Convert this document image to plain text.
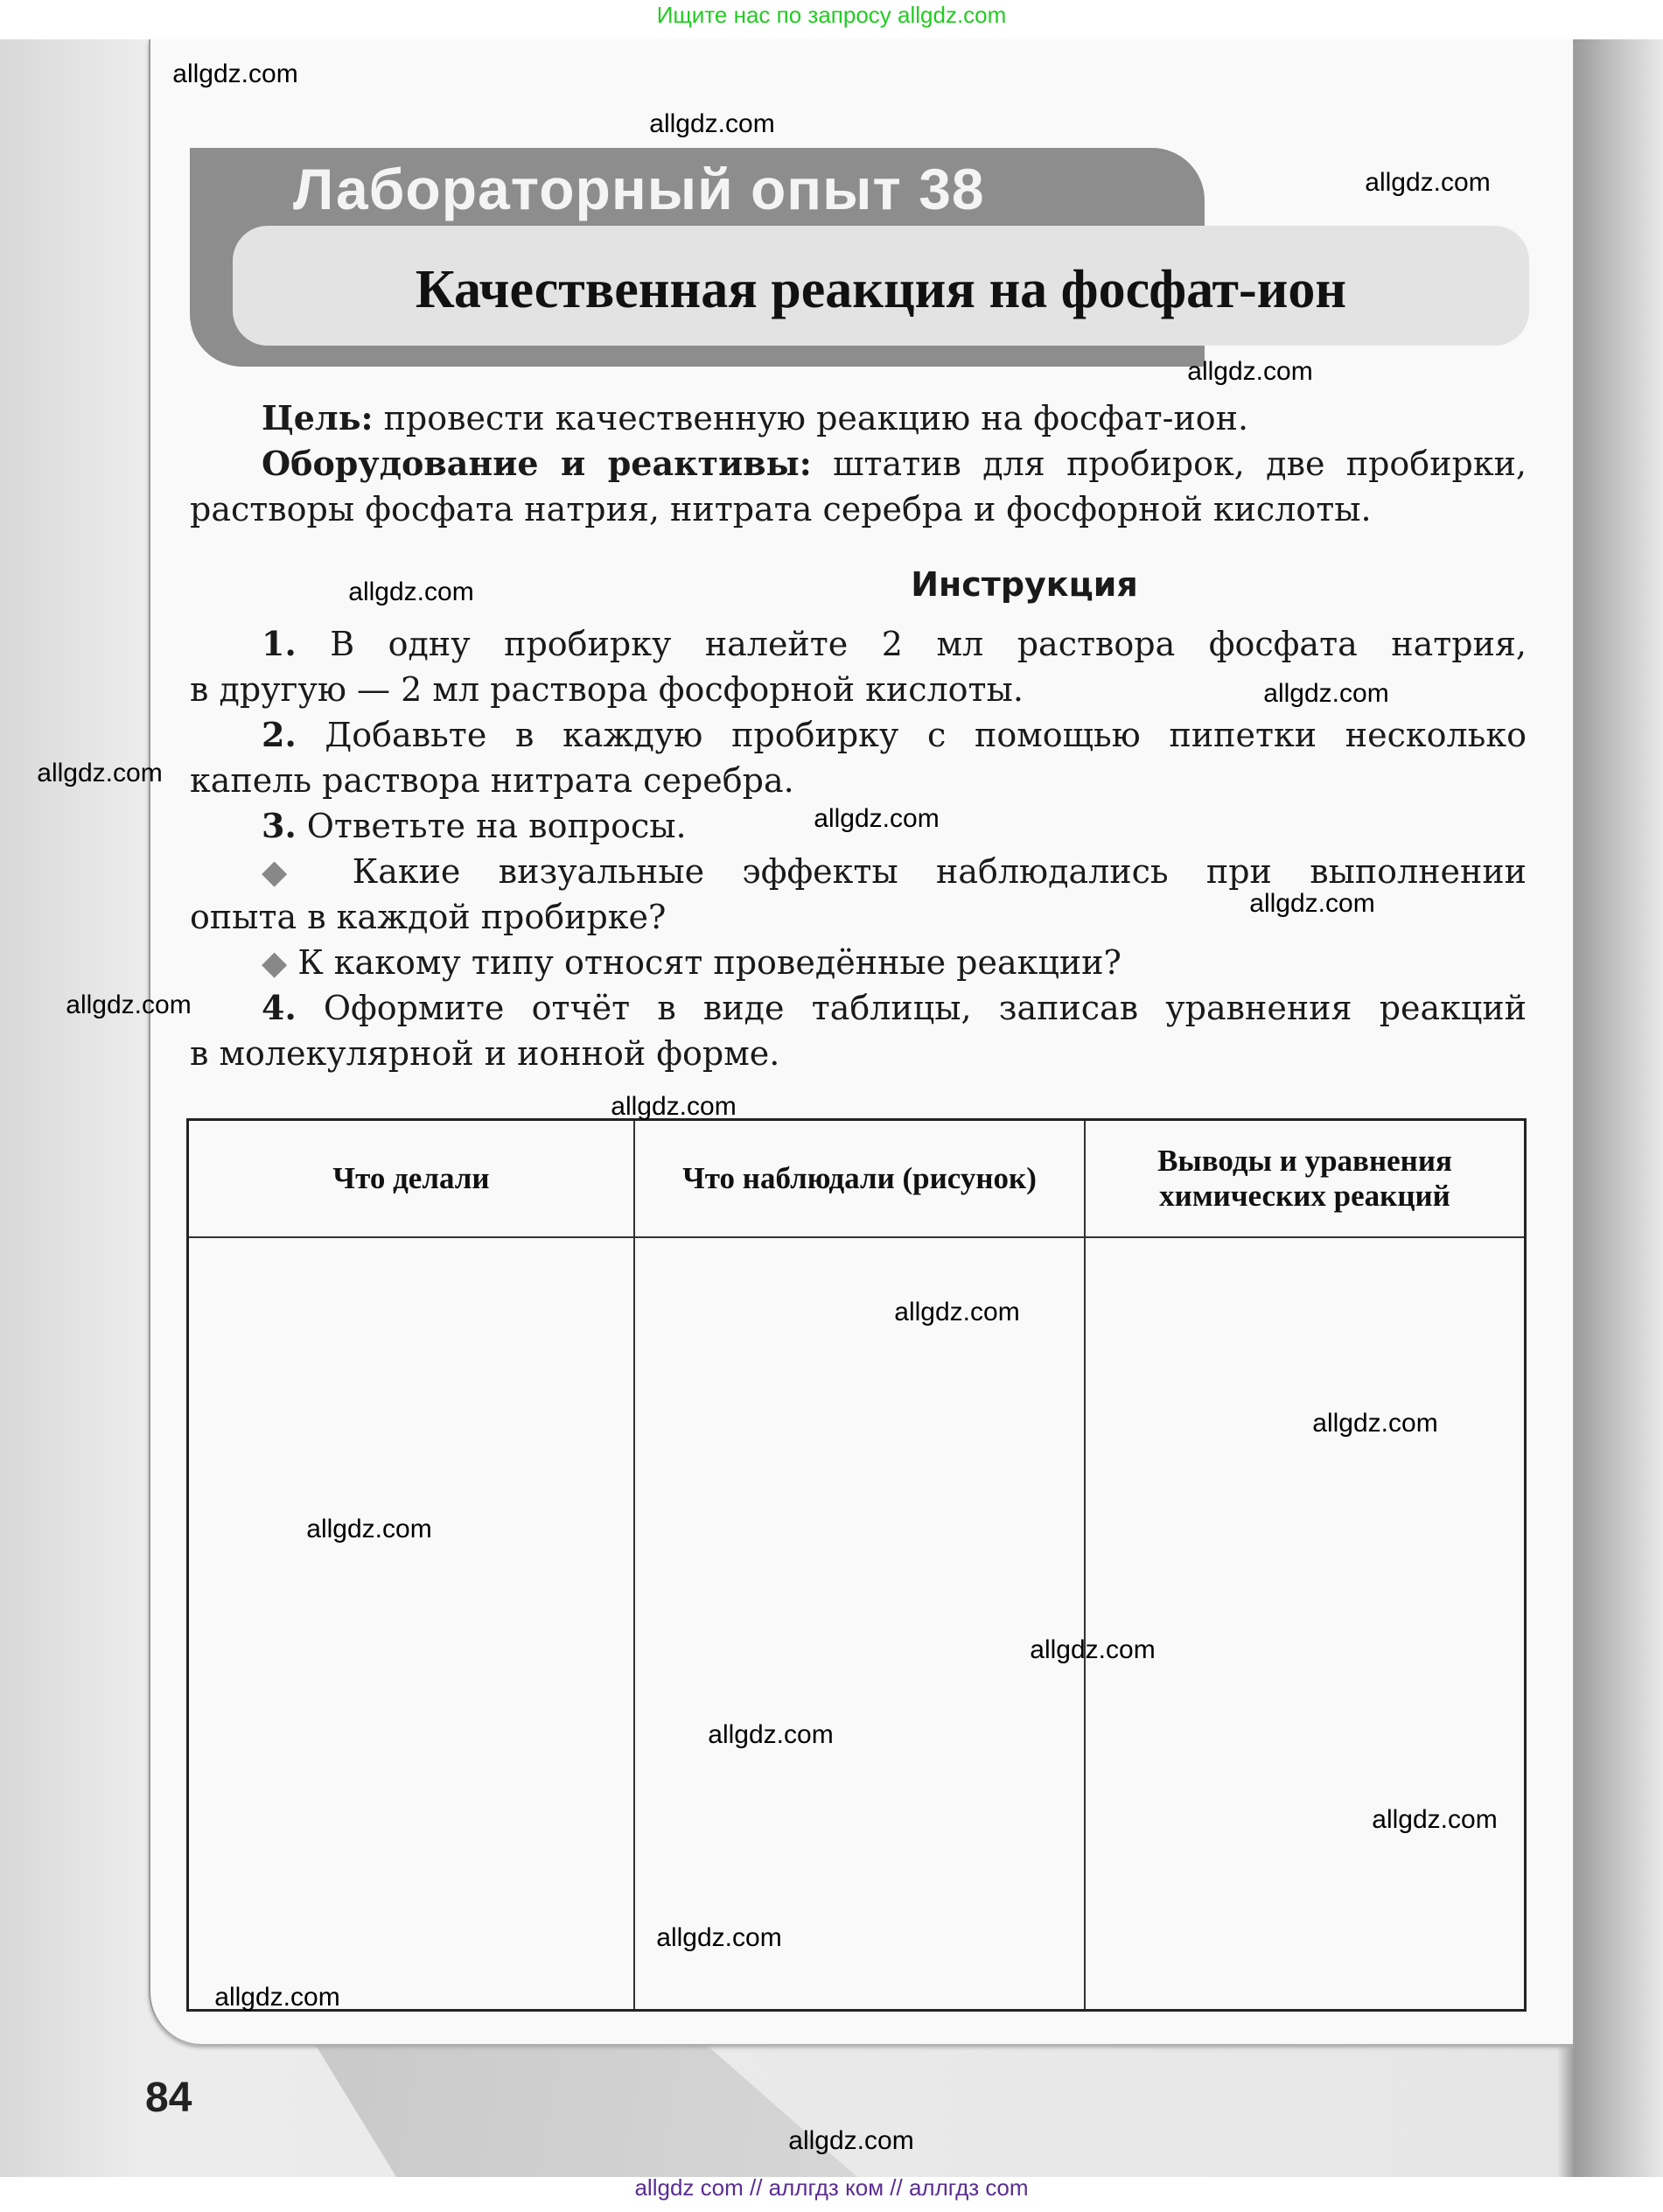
Ищите нас по запросу allgdz.com
Лабораторный опыт 38
Качественная реакция на фосфат-ион
Цель: провести качественную реакцию на фосфат-ион.
Оборудование и реактивы: штатив для пробирок, две пробирки,
растворы фосфата натрия, нитрата серебра и фосфорной кислоты.
Инструкция
1. В одну пробирку налейте 2 мл раствора фосфата натрия,
в другую — 2 мл раствора фосфорной кислоты.
2. Добавьте в каждую пробирку с помощью пипетки несколько
капель раствора нитрата серебра.
3. Ответьте на вопросы.
◆ Какие визуальные эффекты наблюдались при выполнении
опыта в каждой пробирке?
◆ К какому типу относят проведённые реакции?
4. Оформите отчёт в виде таблицы, записав уравнения реакций
в молекулярной и ионной форме.
Что делали	Что наблюдали (рисунок)	Выводы и уравнения химических реакций

84
allgdz.com
allgdz.com
allgdz.com
allgdz.com
allgdz.com
allgdz.com
allgdz.com
allgdz.com
allgdz.com
allgdz.com
allgdz.com
allgdz.com
allgdz.com
allgdz.com
allgdz.com
allgdz.com
allgdz.com
allgdz.com
allgdz.com
allgdz.com
allgdz com // аллгдз ком // аллгдз com
